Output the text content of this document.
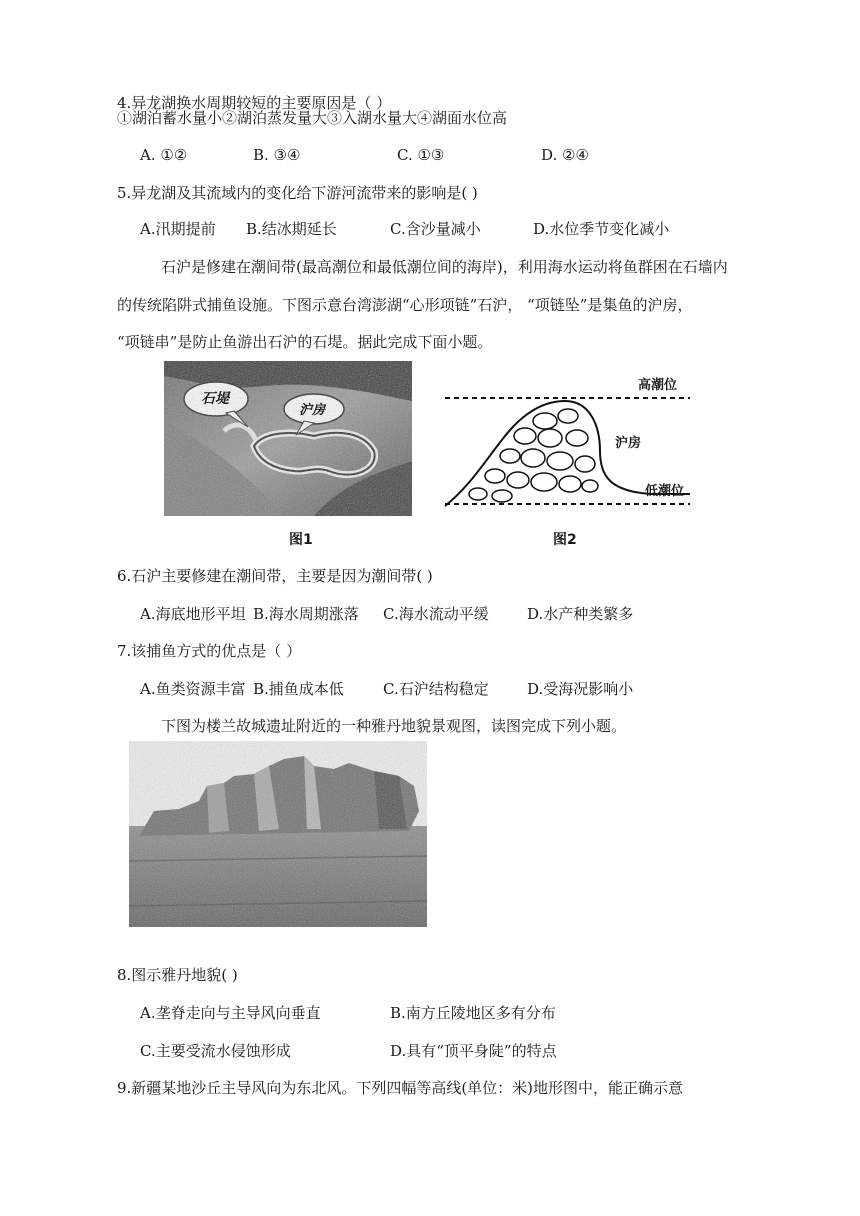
4.异龙湖换水周期较短的主要原因是（ ）
①湖泊蓄水量小②湖泊蒸发量大③入湖水量大④湖面水位高
A. ①②	B. ③④	C. ①③	D. ②④
5.异龙湖及其流域内的变化给下游河流带来的影响是( )
A.汛期提前 B.结冰期延长	C.含沙量减小	D.水位季节变化减小
石沪是修建在潮间带(最高潮位和最低潮位间的海岸)，利用海水运动将鱼群困在石墙内
的传统陷阱式捕鱼设施。下图示意台湾澎湖“心形项链”石沪， “项链坠”是集鱼的沪房，
“项链串”是防止鱼游出石沪的石堤。据此完成下面小题。
石堤
沪房
图1
高潮位
沪房
低潮位
图2
6.石沪主要修建在潮间带，主要是因为潮间带( )
A.海底地形平坦 B.海水周期涨落 C.海水流动平缓	D.水产种类繁多
7.该捕鱼方式的优点是（ ）
A.鱼类资源丰富 B.捕鱼成本低	C.石沪结构稳定	D.受海况影响小
下图为楼兰故城遗址附近的一种雅丹地貌景观图，读图完成下列小题。
8.图示雅丹地貌( )
A.垄脊走向与主导风向垂直	B.南方丘陵地区多有分布
C.主要受流水侵蚀形成	D.具有“顶平身陡”的特点
9.新疆某地沙丘主导风向为东北风。下列四幅等高线(单位：米)地形图中，能正确示意
